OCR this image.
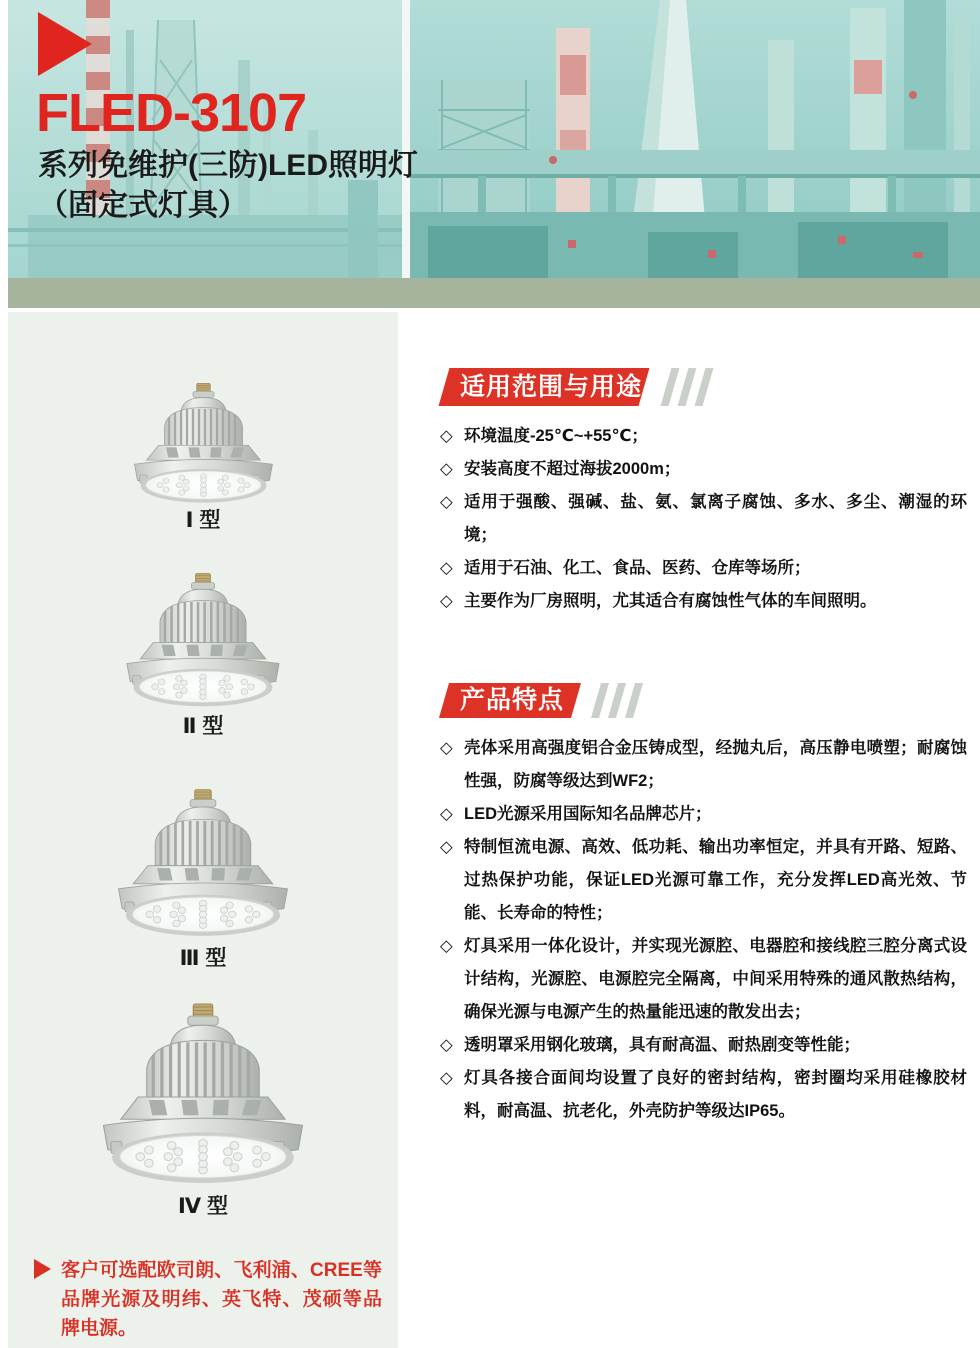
FLED-3107
系列免维护(三防)LED照明灯
（固定式灯具）
Ⅰ 型
Ⅱ 型
Ⅲ 型
Ⅳ 型
客户可选配欧司朗、飞利浦、CREE等品牌光源及明纬、英飞特、茂硕等品牌电源。
适用范围与用途
◇ 环境温度-25℃~+55℃；
◇ 安装高度不超过海拔2000m；
◇ 适用于强酸、强碱、盐、氨、氯离子腐蚀、多水、多尘、潮湿的环境；
◇ 适用于石油、化工、食品、医药、仓库等场所；
◇ 主要作为厂房照明，尤其适合有腐蚀性气体的车间照明。
产品特点
◇ 壳体采用高强度铝合金压铸成型，经抛丸后，高压静电喷塑；耐腐蚀性强，防腐等级达到WF2；
◇ LED光源采用国际知名品牌芯片；
◇ 特制恒流电源、高效、低功耗、输出功率恒定，并具有开路、短路、过热保护功能，保证LED光源可靠工作，充分发挥LED高光效、节能、长寿命的特性；
◇ 灯具采用一体化设计，并实现光源腔、电器腔和接线腔三腔分离式设计结构，光源腔、电源腔完全隔离，中间采用特殊的通风散热结构，确保光源与电源产生的热量能迅速的散发出去；
◇ 透明罩采用钢化玻璃，具有耐高温、耐热剧变等性能；
◇ 灯具各接合面间均设置了良好的密封结构，密封圈均采用硅橡胶材料，耐高温、抗老化，外壳防护等级达IP65。
